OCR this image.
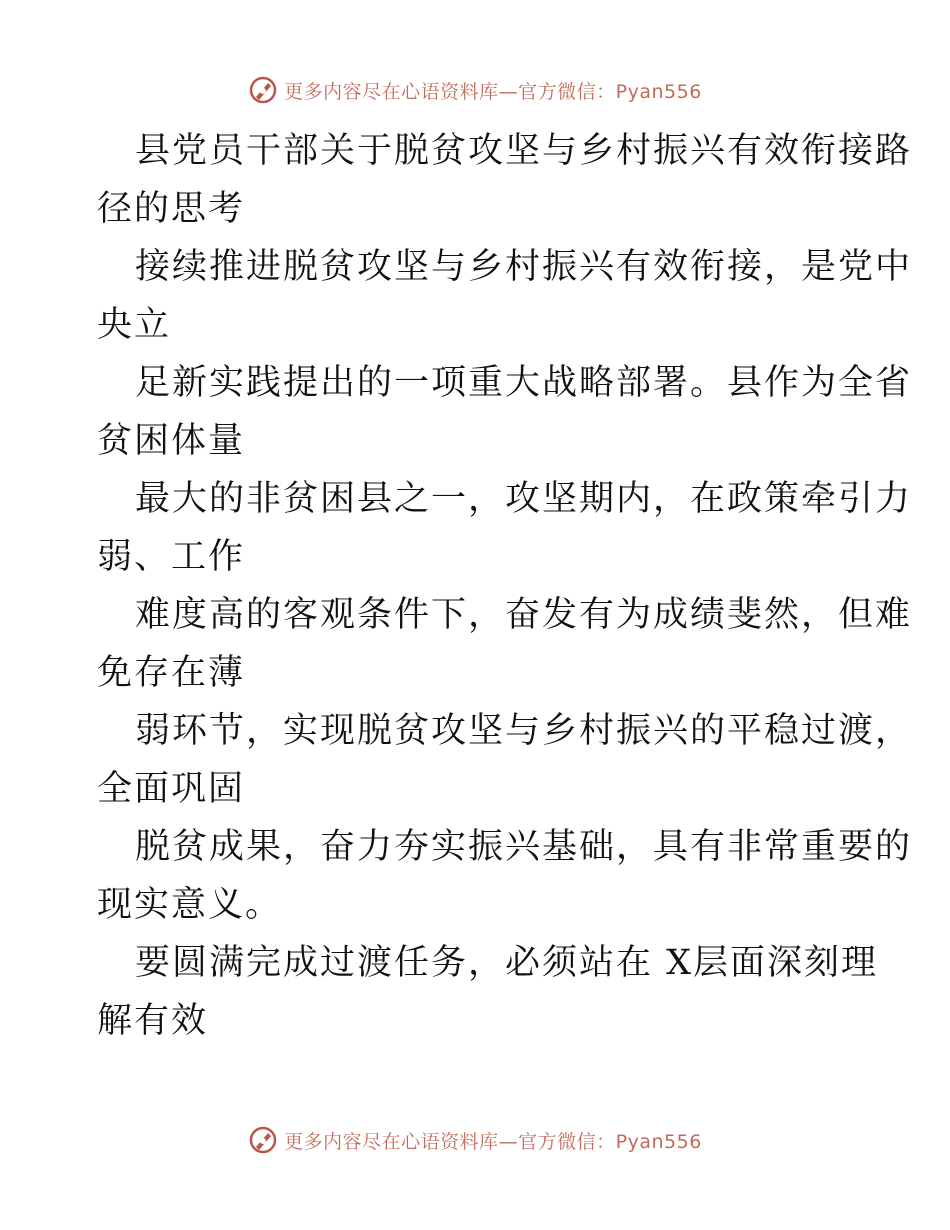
更多内容尽在心语资料库—官方微信：Pyan556

县党员干部关于脱贫攻坚与乡村振兴有效衔接路
径的思考

接续推进脱贫攻坚与乡村振兴有效衔接，是党中
央立

足新实践提出的一项重大战略部署。县作为全省
贫困体量

最大的非贫困县之一，攻坚期内，在政策牵引力
弱、工作

难度高的客观条件下，奋发有为成绩斐然，但难
免存在薄

弱环节，实现脱贫攻坚与乡村振兴的平稳过渡，
全面巩固

脱贫成果，奋力夯实振兴基础，具有非常重要的
现实意义。

要圆满完成过渡任务，必须站在 X层面深刻理
解有效

更多内容尽在心语资料库—官方微信：Pyan556
